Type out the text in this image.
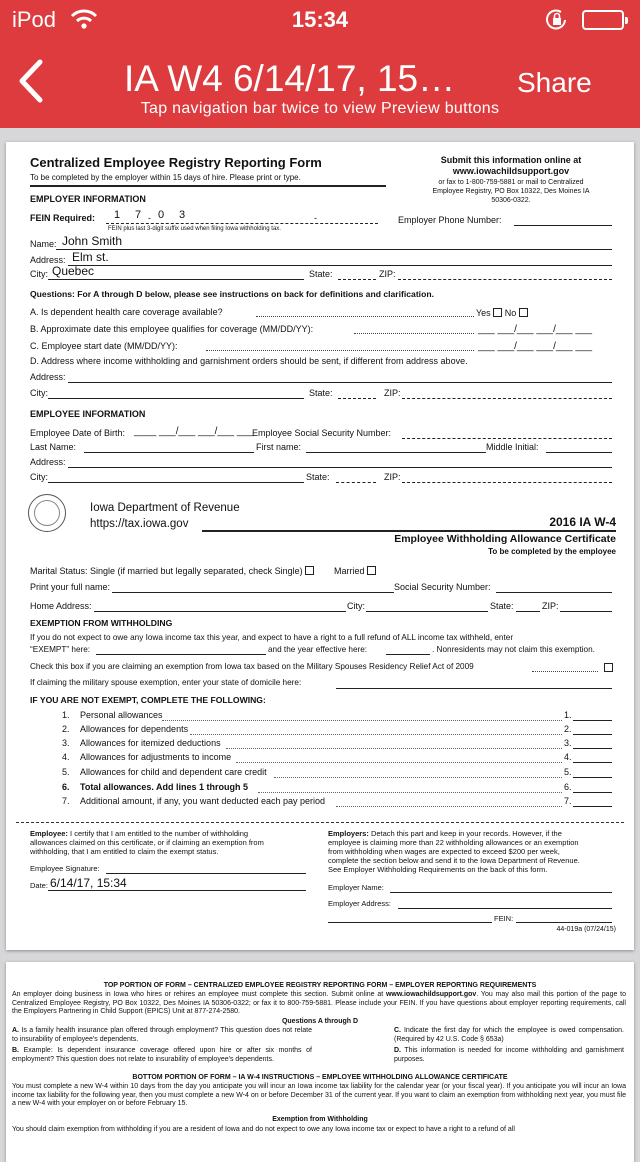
iPod	15:34
IA W4 6/14/17, 15… Share
Tap navigation bar twice to view Preview buttons
Centralized Employee Registry Reporting Form
To be completed by the employer within 15 days of hire. Please print or type.
Submit this information online at
www.iowachildsupport.gov
or fax to 1-800-759-5881 or mail to Centralized
Employee Registry, PO Box 10322, Des Moines IA
50306-0322.
EMPLOYER INFORMATION
FEIN Required: 1 7 - 0 3	-
FEIN plus last 3-digit suffix used when filing Iowa withholding tax.
Employer Phone Number:
Name: John Smith
Address: Elm st.
City: Quebec	State:	ZIP:
Questions: For A through D below, please see instructions on back for definitions and clarification.
A. Is dependent health care coverage available?	Yes No
B. Approximate date this employee qualifies for coverage (MM/DD/YY):	___ ___/___ ___/___ ___
C. Employee start date (MM/DD/YY):	___ ___/___ ___/___ ___
D. Address where income withholding and garnishment orders should be sent, if different from address above.
Address:
City:	State:	ZIP:
EMPLOYEE INFORMATION
Employee Date of Birth: ____ ___/___ ___/___ ___
Employee Social Security Number:
Last Name:	First name:	Middle Initial:
Address:
City:	State:	ZIP:
Iowa Department of Revenue
https://tax.iowa.gov	2016 IA W-4
Employee Withholding Allowance Certificate
To be completed by the employee
Marital Status: Single (if married but legally separated, check Single)	Married
Print your full name:	Social Security Number:
Home Address:	City:	State:	ZIP:
EXEMPTION FROM WITHHOLDING
If you do not expect to owe any Iowa income tax this year, and expect to have a right to a full refund of ALL income tax withheld, enter
“EXEMPT” here:	and the year effective here:	. Nonresidents may not claim this exemption.
Check this box if you are claiming an exemption from Iowa tax based on the Military Spouses Residency Relief Act of 2009
If claiming the military spouse exemption, enter your state of domicile here:
IF YOU ARE NOT EXEMPT, COMPLETE THE FOLLOWING:
1. Personal allowances	1.
2. Allowances for dependents	2.
3. Allowances for itemized deductions	3.
4. Allowances for adjustments to income	4.
5. Allowances for child and dependent care credit	5.
6. Total allowances. Add lines 1 through 5	6.
7. Additional amount, if any, you want deducted each pay period	7.
Employee: I certify that I am entitled to the number of withholding
allowances claimed on this certificate, or if claiming an exemption from
withholding, that I am entitled to claim the exempt status.
Employee Signature:
Date: 6/14/17, 15:34
Employers: Detach this part and keep in your records. However, if the
employee is claiming more than 22 withholding allowances or an exemption
from withholding when wages are expected to exceed $200 per week,
complete the section below and send it to the Iowa Department of Revenue.
See Employer Withholding Requirements on the back of this form.
Employer Name:
Employer Address:
FEIN:
44-019a (07/24/15)
TOP PORTION OF FORM – CENTRALIZED EMPLOYEE REGISTRY REPORTING FORM – EMPLOYER REPORTING REQUIREMENTS
An employer doing business in Iowa who hires or rehires an employee must complete this section. Submit online at www.iowachildsupport.gov. You may also mail this portion of the page to Centralized Employee Registry, PO Box 10322, Des Moines IA 50306-0322; or fax it to 800-759-5881. Please include your FEIN. If you have questions about employer reporting requirements, call the Employers Partnering in Child Support (EPICS) Unit at 877-274-2580.
Questions A through D
A. Is a family health insurance plan offered through employment? This question does not relate to insurability of employee's dependents.
C. Indicate the first day for which the employee is owed compensation. (Required by 42 U.S. Code § 653a)
B. Example: Is dependent insurance coverage offered upon hire or after six months of employment? This question does not relate to insurability of employee's dependents.
D. This information is needed for income withholding and garnishment purposes.
BOTTOM PORTION OF FORM – IA W-4 INSTRUCTIONS – EMPLOYEE WITHHOLDING ALLOWANCE CERTIFICATE
You must complete a new W-4 within 10 days from the day you anticipate you will incur an Iowa income tax liability for the calendar year (or your fiscal year). If you anticipate you will incur an Iowa income tax liability for the following year, then you must complete a new W-4 on or before December 31 of the current year. If you want to claim an exemption from withholding next year, you must file a new W-4 with your employer on or before February 15.
Exemption from Withholding
You should claim exemption from withholding if you are a resident of Iowa and do not expect to owe any Iowa income tax or expect to have a right to a refund of all
